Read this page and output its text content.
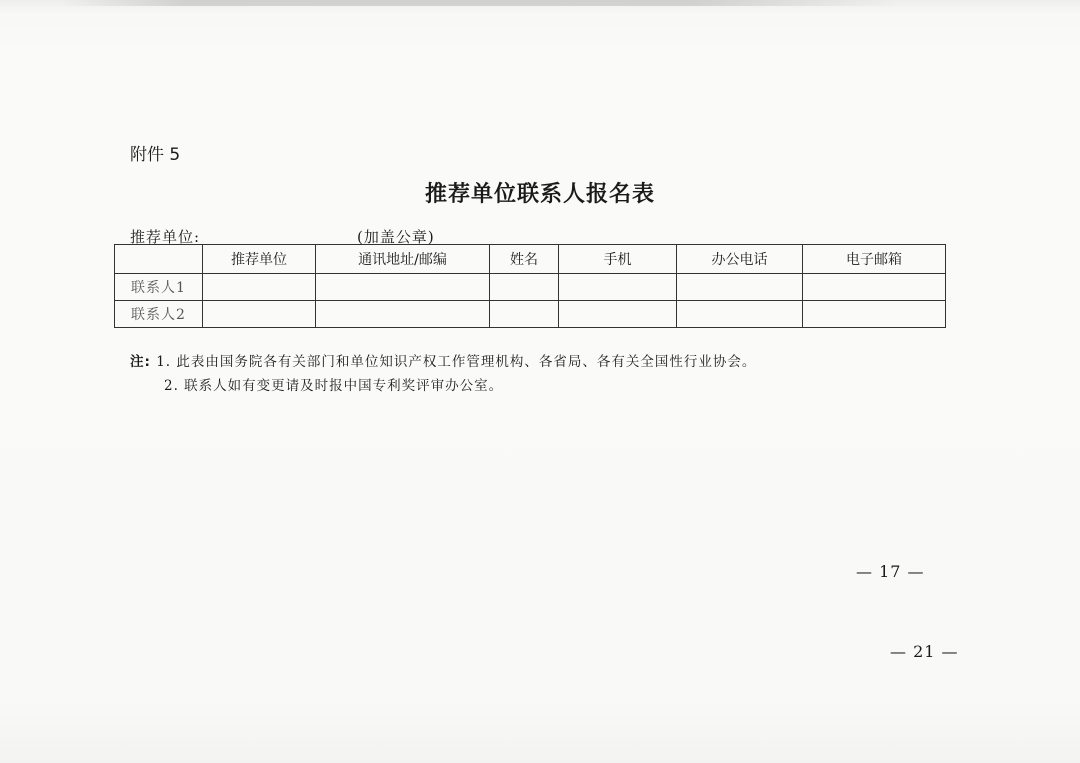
附件 5
推荐单位联系人报名表
推荐单位:	(加盖公章)
	推荐单位	通讯地址/邮编	姓名	手机	办公电话	电子邮箱
联系人1						
联系人2						
注: 1. 此表由国务院各有关部门和单位知识产权工作管理机构、各省局、各有关全国性行业协会。
2. 联系人如有变更请及时报中国专利奖评审办公室。
— 17 —
— 21 —
